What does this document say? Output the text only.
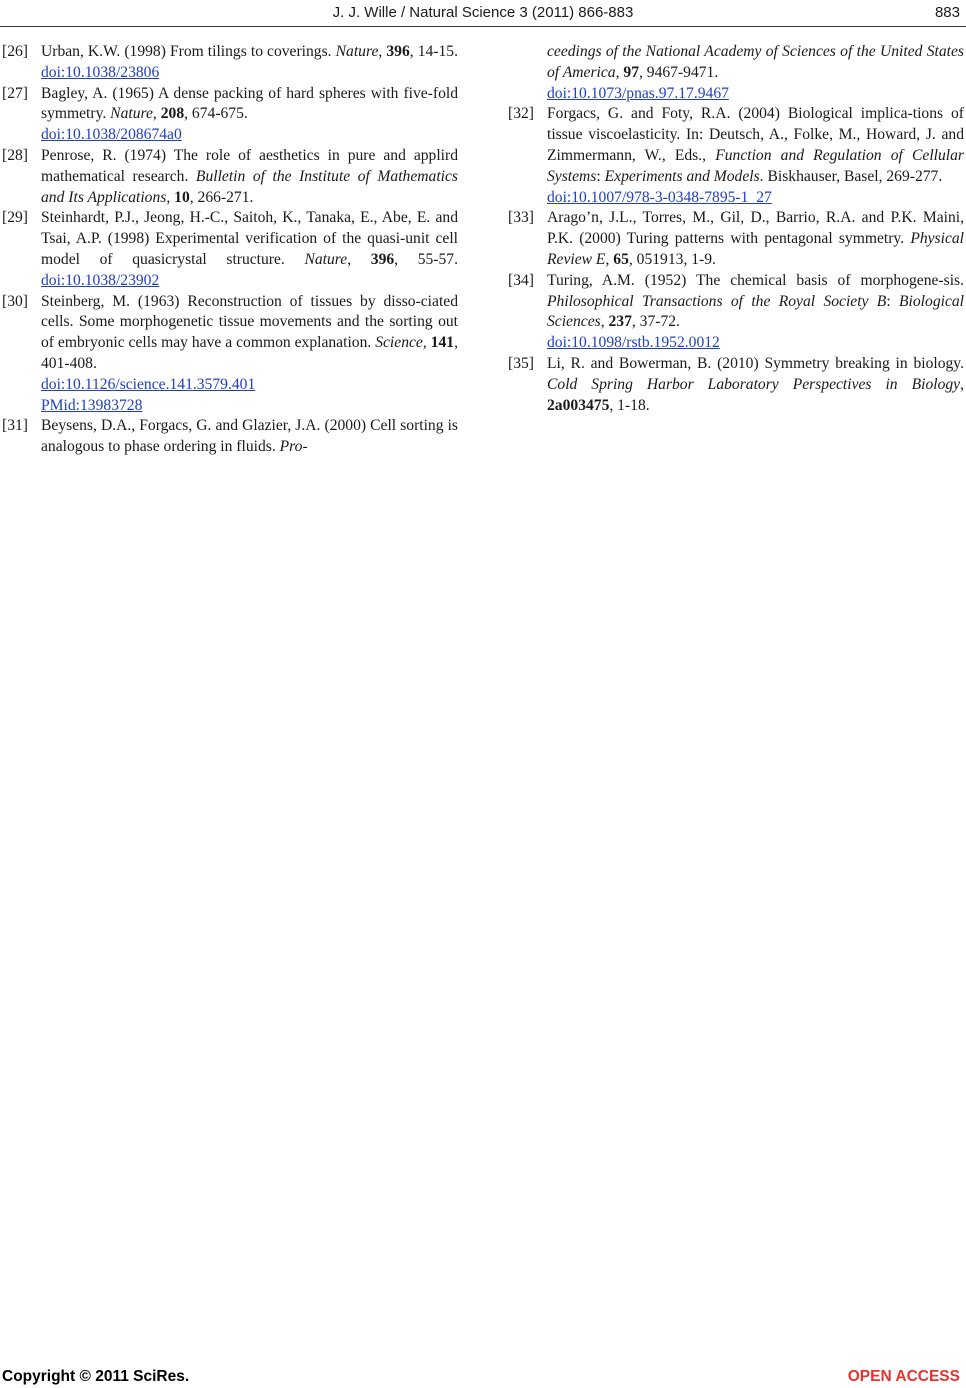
J. J. Wille / Natural Science 3 (2011) 866-883	883

[26] Urban, K.W. (1998) From tilings to coverings. Nature, 396, 14-15. doi:10.1038/23806

[27] Bagley, A. (1965) A dense packing of hard spheres with five-fold symmetry. Nature, 208, 674-675.
doi:10.1038/208674a0

[28] Penrose, R. (1974) The role of aesthetics in pure and applird mathematical research. Bulletin of the Institute of Mathematics and Its Applications, 10, 266-271.

[29] Steinhardt, P.J., Jeong, H.-C., Saitoh, K., Tanaka, E., Abe, E. and Tsai, A.P. (1998) Experimental verification of the quasi-unit cell model of quasicrystal structure. Nature, 396, 55-57. doi:10.1038/23902

[30] Steinberg, M. (1963) Reconstruction of tissues by disso-ciated cells. Some morphogenetic tissue movements and the sorting out of embryonic cells may have a common explanation. Science, 141, 401-408.
doi:10.1126/science.141.3579.401
PMid:13983728

[31] Beysens, D.A., Forgacs, G. and Glazier, J.A. (2000) Cell sorting is analogous to phase ordering in fluids. Pro-

ceedings of the National Academy of Sciences of the United States of America, 97, 9467-9471.
doi:10.1073/pnas.97.17.9467

[32] Forgacs, G. and Foty, R.A. (2004) Biological implica-tions of tissue viscoelasticity. In: Deutsch, A., Folke, M., Howard, J. and Zimmermann, W., Eds., Function and Regulation of Cellular Systems: Experiments and Models. Biskhauser, Basel, 269-277.
doi:10.1007/978-3-0348-7895-1_27

[33] Arago’n, J.L., Torres, M., Gil, D., Barrio, R.A. and P.K. Maini, P.K. (2000) Turing patterns with pentagonal symmetry. Physical Review E, 65, 051913, 1-9.

[34] Turing, A.M. (1952) The chemical basis of morphogene-sis. Philosophical Transactions of the Royal Society B: Biological Sciences, 237, 37-72.
doi:10.1098/rstb.1952.0012

[35] Li, R. and Bowerman, B. (2010) Symmetry breaking in biology. Cold Spring Harbor Laboratory Perspectives in Biology, 2a003475, 1-18.

Copyright © 2011 SciRes.	OPEN ACCESS
